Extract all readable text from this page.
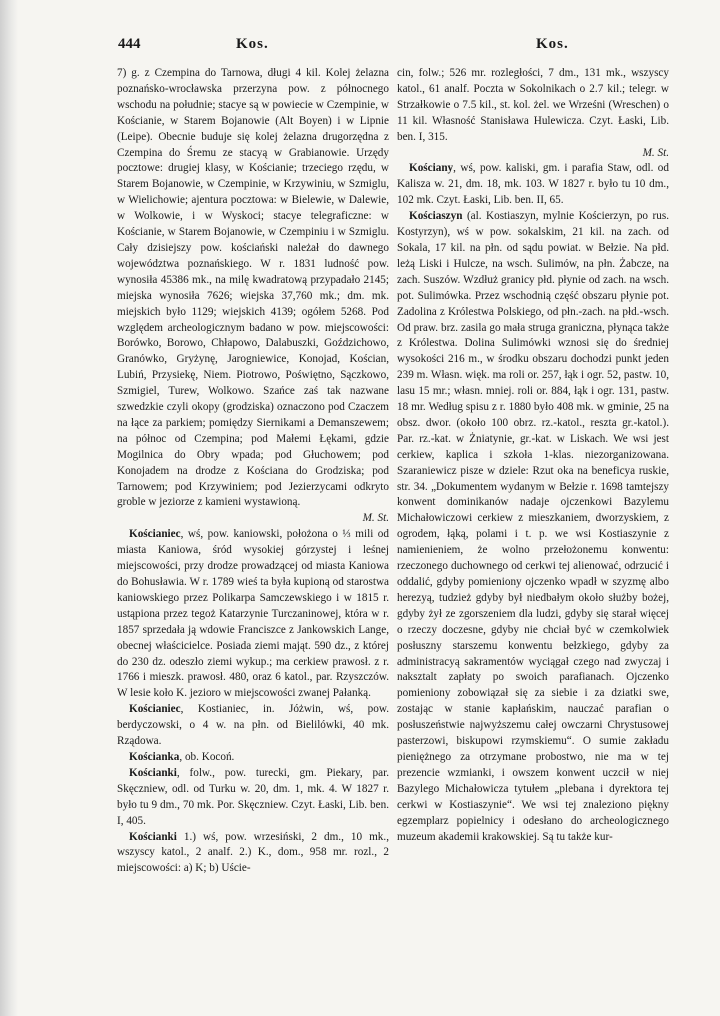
444	Kos.	Kos.

7) g. z Czempina do Tarnowa, długi 4 kil. Kolej żelazna poznańsko-wrocławska przerzyna pow. z północnego wschodu na południe; stacye są w powiecie w Czempinie, w Kościanie, w Starem Bojanowie (Alt Boyen) i w Lipnie (Leipe). Obecnie buduje się kolej żelazna drugorzędna z Czempina do Śremu ze stacyą w Grabianowie. Urzędy pocztowe: drugiej klasy, w Kościanie; trzeciego rzędu, w Starem Bojanowie, w Czempinie, w Krzywiniu, w Szmiglu, w Wielichowie; ajentura pocztowa: w Bielewie, w Dalewie, w Wolkowie, i w Wyskoci; stacye telegraficzne: w Kościanie, w Starem Bojanowie, w Czempiniu i w Szmiglu. Cały dzisiejszy pow. kościański należał do dawnego województwa poznańskiego. W r. 1831 ludność pow. wynosiła 45386 mk., na milę kwadratową przypadało 2145; miejska wynosiła 7626; wiejska 37,760 mk.; dm. mk. miejskich było 1129; wiejskich 4139; ogółem 5268. Pod względem archeologicznym badano w pow. miejscowości: Borówko, Borowo, Chłapowo, Dalabuszki, Goździchowo, Granówko, Gryżynę, Jarogniewice, Konojad, Kościan, Lubiń, Przysiekę, Niem. Piotrowo, Poświętno, Sączkowo, Szmigiel, Turew, Wolkowo. Szańce zaś tak nazwane szwedzkie czyli okopy (grodziska) oznaczono pod Czaczem na łące za parkiem; pomiędzy Siernikami a Demanszewem; na północ od Czempina; pod Małemi Łękami, gdzie Mogilnica do Obry wpada; pod Głuchowem; pod Konojadem na drodze z Kościana do Grodziska; pod Tarnowem; pod Krzywiniem; pod Jezierzycami odkryto groble w jeziorze z kamieni wystawioną.
M. St.

Kościaniec, wś, pow. kaniowski, położona o ⅓ mili od miasta Kaniowa, śród wysokiej górzystej i leśnej miejscowości, przy drodze prowadzącej od miasta Kaniowa do Bohusławia. W r. 1789 wieś ta była kupioną od starostwa kaniowskiego przez Polikarpa Samczewskiego i w 1815 r. ustąpiona przez tegoż Katarzynie Turczaninowej, która w r. 1857 sprzedała ją wdowie Franciszce z Jankowskich Lange, obecnej właścicielce. Posiada ziemi mająt. 590 dz., z której do 230 dz. odeszło ziemi wykup.; ma cerkiew prawosł. z r. 1766 i mieszk. prawosł. 480, oraz 6 katol., par. Rzyszczów. W lesie koło K. jezioro w miejscowości zwanej Pałanką.

Kościaniec, Kostianiec, in. Jóżwin, wś, pow. berdyczowski, o 4 w. na płn. od Bielilówki, 40 mk. Rządowa.

Kościanka, ob. Kocoń.

Kościanki, folw., pow. turecki, gm. Piekary, par. Skęczniew, odl. od Turku w. 20, dm. 1, mk. 4. W 1827 r. było tu 9 dm., 70 mk. Por. Skęczniew. Czyt. Łaski, Lib. ben. I, 405.

Kościanki 1.) wś, pow. wrzesiński, 2 dm., 10 mk., wszyscy katol., 2 analf. 2.) K., dom., 958 mr. rozl., 2 miejscowości: a) K; b) Uście-

cin, folw.; 526 mr. rozległości, 7 dm., 131 mk., wszyscy katol., 61 analf. Poczta w Sokolnikach o 2.7 kil.; telegr. w Strzałkowie o 7.5 kil., st. kol. żel. we Wrześni (Wreschen) o 11 kil. Własność Stanisława Hulewicza. Czyt. Łaski, Lib. ben. I, 315.
M. St.

Kościany, wś, pow. kaliski, gm. i parafia Staw, odl. od Kalisza w. 21, dm. 18, mk. 103. W 1827 r. było tu 10 dm., 102 mk. Czyt. Łaski, Lib. ben. II, 65.

Kościaszyn (al. Kostiaszyn, mylnie Kościerzyn, po rus. Kostyrzyn), wś w pow. sokalskim, 21 kil. na zach. od Sokala, 17 kil. na płn. od sądu powiat. w Bełzie. Na płd. leżą Liski i Hulcze, na wsch. Sulimów, na płn. Żabcze, na zach. Suszów. Wzdłuż granicy płd. płynie od zach. na wsch. pot. Sulimówka. Przez wschodnią część obszaru płynie pot. Zadolina z Królestwa Polskiego, od płn.-zach. na płd.-wsch. Od praw. brz. zasila go mała struga graniczna, płynąca także z Królestwa. Dolina Sulimówki wznosi się do średniej wysokości 216 m., w środku obszaru dochodzi punkt jeden 239 m. Własn. więk. ma roli or. 257, łąk i ogr. 52, pastw. 10, lasu 15 mr.; własn. mniej. roli or. 884, łąk i ogr. 131, pastw. 18 mr. Według spisu z r. 1880 było 408 mk. w gminie, 25 na obsz. dwor. (około 100 obrz. rz.-katol., reszta gr.-katol.). Par. rz.-kat. w Żniatynie, gr.-kat. w Liskach. We wsi jest cerkiew, kaplica i szkoła 1-klas. niezorganizowana. Szaraniewicz pisze w dziele: Rzut oka na beneficya ruskie, str. 34. „Dokumentem wydanym w Bełzie r. 1698 tamtejszy konwent dominikanów nadaje ojczenkowi Bazylemu Michałowiczowi cerkiew z mieszkaniem, dworzyskiem, z ogrodem, łąką, polami i t. p. we wsi Kostiaszynie z namienieniem, że wolno przełożonemu konwentu: rzeczonego duchownego od cerkwi tej alienować, odrzucić i oddalić, gdyby pomieniony ojczenko wpadł w szyzmę albo herezyą, tudzież gdyby był niedbałym około służby bożej, gdyby żył ze zgorszeniem dla ludzi, gdyby się starał więcej o rzeczy doczesne, gdyby nie chciał być w czemkolwiek posłuszny starszemu konwentu bełzkiego, gdyby za administracyą sakramentów wyciągał czego nad zwyczaj i naksztalt zapłaty po swoich parafianach. Ojczenko pomieniony zobowiązał się za siebie i za dziatki swe, zostając w stanie kapłańskim, nauczać parafian o posłuszeństwie najwyższemu całej owczarni Chrystusowej pasterzowi, biskupowi rzymskiemu“. O sumie zakładu pieniężnego za otrzymane probostwo, nie ma w tej prezencie wzmianki, i owszem konwent uczcił w niej Bazylego Michałowicza tytułem „plebana i dyrektora tej cerkwi w Kostiaszynie“. We wsi tej znaleziono piękny egzemplarz popielnicy i odesłano do archeologicznego muzeum akademii krakowskiej. Są tu także kur-
